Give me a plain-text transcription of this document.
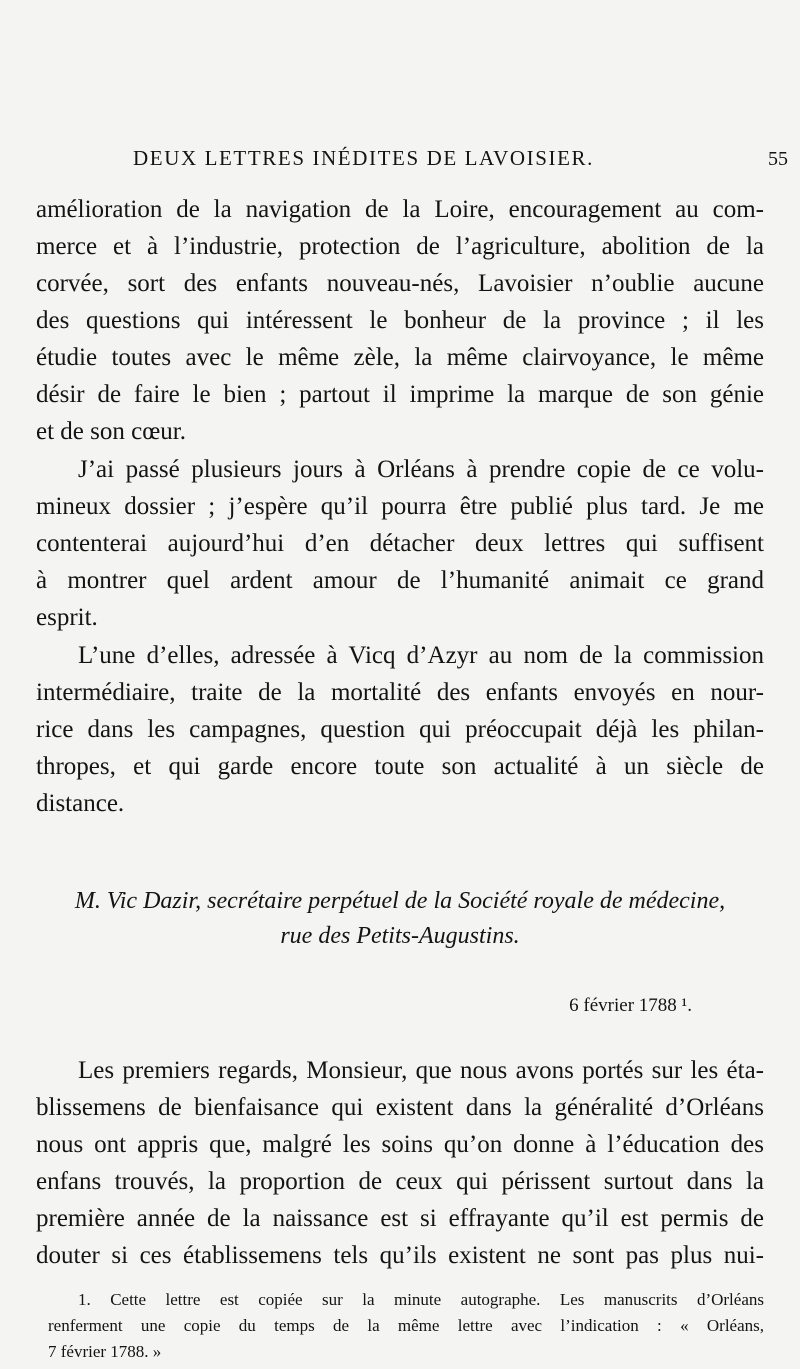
DEUX LETTRES INÉDITES DE LAVOISIER.	55
amélioration de la navigation de la Loire, encouragement au com-
merce et à l’industrie, protection de l’agriculture, abolition de la
corvée, sort des enfants nouveau-nés, Lavoisier n’oublie aucune
des questions qui intéressent le bonheur de la province ; il les
étudie toutes avec le même zèle, la même clairvoyance, le même
désir de faire le bien ; partout il imprime la marque de son génie
et de son cœur.
J’ai passé plusieurs jours à Orléans à prendre copie de ce volu-
mineux dossier ; j’espère qu’il pourra être publié plus tard. Je me
contenterai aujourd’hui d’en détacher deux lettres qui suffisent
à montrer quel ardent amour de l’humanité animait ce grand
esprit.
L’une d’elles, adressée à Vicq d’Azyr au nom de la commission
intermédiaire, traite de la mortalité des enfants envoyés en nour-
rice dans les campagnes, question qui préoccupait déjà les philan-
thropes, et qui garde encore toute son actualité à un siècle de
distance.
M. Vic Dazir, secrétaire perpétuel de la Société royale de médecine,
rue des Petits-Augustins.
6 février 1788 ¹.
Les premiers regards, Monsieur, que nous avons portés sur les éta-
blissemens de bienfaisance qui existent dans la généralité d’Orléans
nous ont appris que, malgré les soins qu’on donne à l’éducation des
enfans trouvés, la proportion de ceux qui périssent surtout dans la
première année de la naissance est si effrayante qu’il est permis de
douter si ces établissemens tels qu’ils existent ne sont pas plus nui-
1. Cette lettre est copiée sur la minute autographe. Les manuscrits d’Orléans
renferment une copie du temps de la même lettre avec l’indication : « Orléans,
7 février 1788. »
